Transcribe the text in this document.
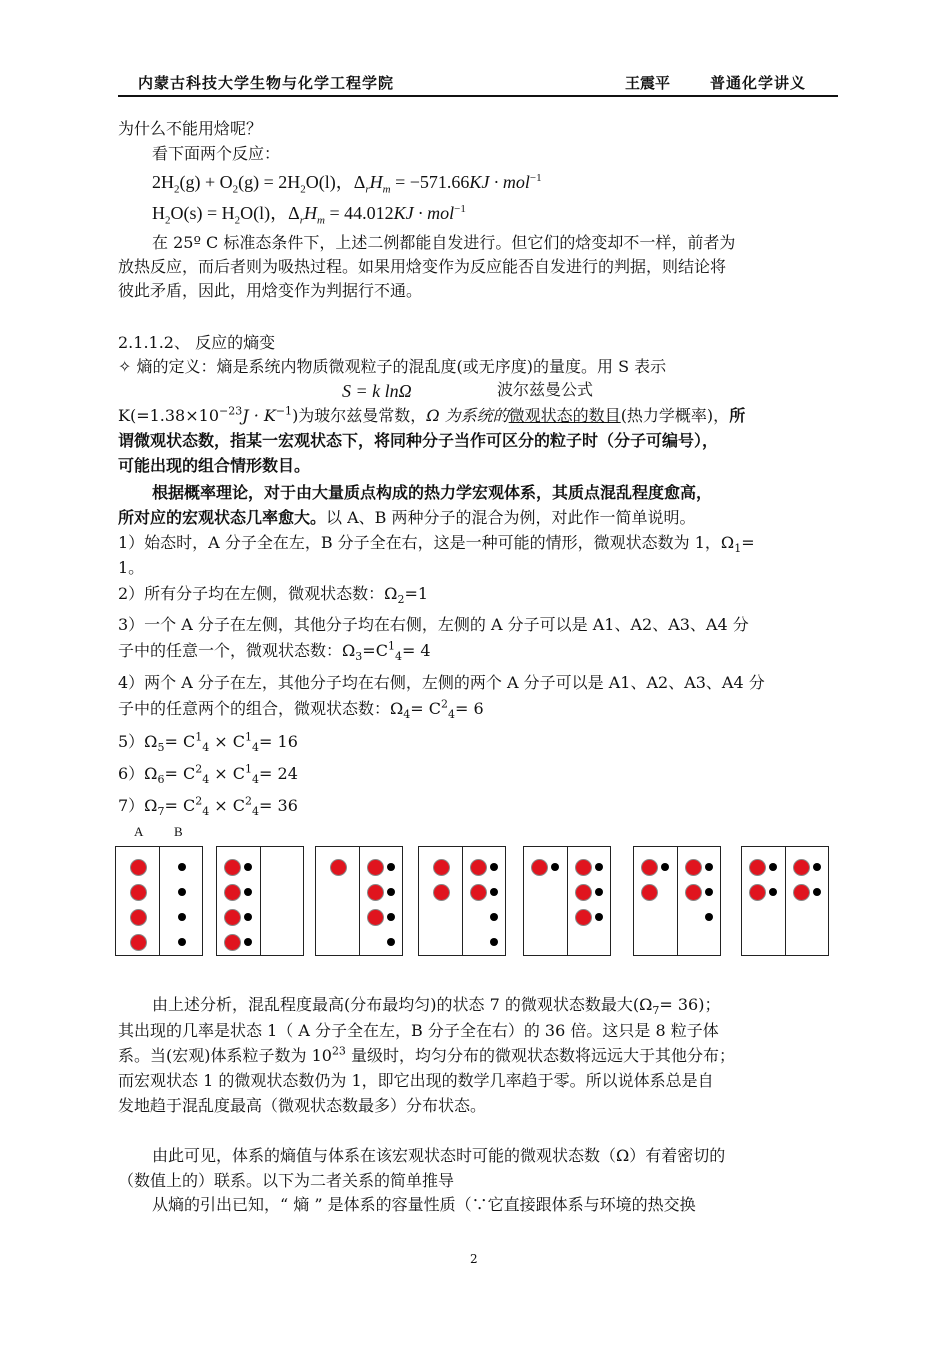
内蒙古科技大学生物与化学工程学院	王震平	普通化学讲义
为什么不能用焓呢？
看下面两个反应：
$2H_2(g) + O_2(g) = 2H_2O(l)$，$\Delta_rH_m = -571.66KJ \cdot mol^{-1}$
$H_2O(s) = H_2O(l)$，$\Delta_rH_m = 44.012KJ \cdot mol^{-1}$
在 25º C 标准态条件下，上述二例都能自发进行。但它们的焓变却不一样，前者为
放热反应，而后者则为吸热过程。如果用焓变作为反应能否自发进行的判据，则结论将
彼此矛盾，因此，用焓变作为判据行不通。
2.1.1.2、 反应的熵变
✧ 熵的定义：熵是系统内物质微观粒子的混乱度(或无序度)的量度。用 S 表示
S = k lnΩ	波尔兹曼公式
$K(=1.38\times 10^{-23}J \cdot K^{-1})$为玻尔兹曼常数，Ω 为系统的微观状态的数目(热力学概率)，所
谓微观状态数，指某一宏观状态下，将同种分子当作可区分的粒子时（分子可编号），
可能出现的组合情形数目。
根据概率理论，对于由大量质点构成的热力学宏观体系，其质点混乱程度愈高，
所对应的宏观状态几率愈大。以 A、B 两种分子的混合为例，对此作一简单说明。
1）始态时，A 分子全在左，B 分子全在右，这是一种可能的情形，微观状态数为 1，$\Omega_1=$
1。
2）所有分子均在左侧，微观状态数：$\Omega_2=1$
3）一个 A 分子在左侧，其他分子均在右侧，左侧的 A 分子可以是 A1、A2、A3、A4 分
子中的任意一个，微观状态数：$\Omega_3=C^1_4= 4$
4）两个 A 分子在左，其他分子均在右侧，左侧的两个 A 分子可以是 A1、A2、A3、A4 分
子中的任意两个的组合，微观状态数：$\Omega_4= C^2_4= 6$
$5)\Omega_5= C^1_4 \times C^1_4= 16$
$6)\Omega_6= C^2_4 \times C^1_4= 24$
$7)\Omega_7= C^2_4 \times C^2_4= 36$
A B
由上述分析，混乱程度最高(分布最均匀)的状态 7 的微观状态数最大$(\Omega_7= 36)$；
其出现的几率是状态 1（ A 分子全在左，B 分子全在右）的 36 倍。这只是 8 粒子体
系。当(宏观)体系粒子数为 $10^{23}$ 量级时，均匀分布的微观状态数将远远大于其他分布；
而宏观状态 1 的微观状态数仍为 1，即它出现的数学几率趋于零。所以说体系总是自
发地趋于混乱度最高（微观状态数最多）分布状态。
由此可见，体系的熵值与体系在该宏观状态时可能的微观状态数（Ω）有着密切的
（数值上的）联系。以下为二者关系的简单推导
从熵的引出已知，“ 熵 ” 是体系的容量性质（∵它直接跟体系与环境的热交换
2
